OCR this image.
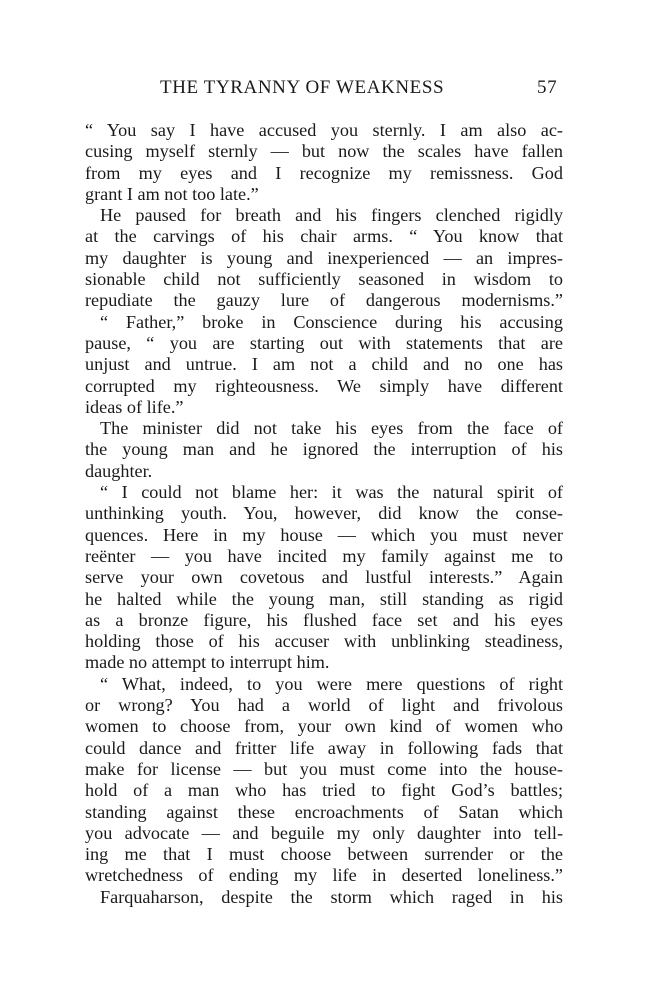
THE TYRANNY OF WEAKNESS	57
“ You say I have accused you sternly. I am also ac-
cusing myself sternly — but now the scales have fallen
from my eyes and I recognize my remissness. God
grant I am not too late.”
He paused for breath and his fingers clenched rigidly
at the carvings of his chair arms. “ You know that
my daughter is young and inexperienced — an impres-
sionable child not sufficiently seasoned in wisdom to
repudiate the gauzy lure of dangerous modernisms.”
“ Father,” broke in Conscience during his accusing
pause, “ you are starting out with statements that are
unjust and untrue. I am not a child and no one has
corrupted my righteousness. We simply have different
ideas of life.”
The minister did not take his eyes from the face of
the young man and he ignored the interruption of his
daughter.
“ I could not blame her: it was the natural spirit of
unthinking youth. You, however, did know the conse-
quences. Here in my house — which you must never
reënter — you have incited my family against me to
serve your own covetous and lustful interests.” Again
he halted while the young man, still standing as rigid
as a bronze figure, his flushed face set and his eyes
holding those of his accuser with unblinking steadiness,
made no attempt to interrupt him.
“ What, indeed, to you were mere questions of right
or wrong? You had a world of light and frivolous
women to choose from, your own kind of women who
could dance and fritter life away in following fads that
make for license — but you must come into the house-
hold of a man who has tried to fight God’s battles;
standing against these encroachments of Satan which
you advocate — and beguile my only daughter into tell-
ing me that I must choose between surrender or the
wretchedness of ending my life in deserted loneliness.”
Farquaharson, despite the storm which raged in his
